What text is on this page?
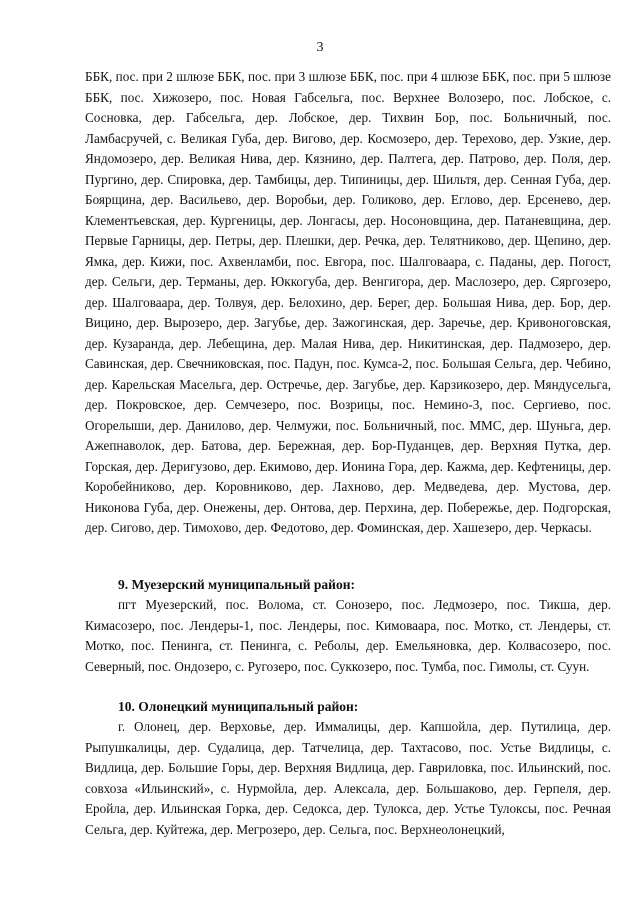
3

ББК, пос. при 2 шлюзе ББК, пос. при 3 шлюзе ББК, пос. при 4 шлюзе ББК, пос. при 5 шлюзе ББК, пос. Хижозеро, пос. Новая Габсельга, пос. Верхнее Волозеро, пос. Лобское, с. Сосновка, дер. Габсельга, дер. Лобское, дер. Тихвин Бор, пос. Больничный, пос. Ламбасручей, с. Великая Губа, дер. Вигово, дер. Космозеро, дер. Терехово, дер. Узкие, дер. Яндомозеро, дер. Великая Нива, дер. Кязнино, дер. Палтега, дер. Патрово, дер. Поля, дер. Пургино, дер. Спировка, дер. Тамбицы, дер. Типиницы, дер. Шильтя, дер. Сенная Губа, дер. Боярщина, дер. Васильево, дер. Воробьи, дер. Голиково, дер. Еглово, дер. Ерсенево, дер. Клементьевская, дер. Кургеницы, дер. Лонгасы, дер. Носоновщина, дер. Патаневщина, дер. Первые Гарницы, дер. Петры, дер. Плешки, дер. Речка, дер. Телятниково, дер. Щепино, дер. Ямка, дер. Кижи, пос. Ахвенламби, пос. Евгора, пос. Шалговаара, с. Паданы, дер. Погост, дер. Сельги, дер. Терманы, дер. Юккогуба, дер. Венгигора, дер. Маслозеро, дер. Сяргозеро, дер. Шалговаара, дер. Толвуя, дер. Белохино, дер. Берег, дер. Большая Нива, дер. Бор, дер. Вицино, дер. Вырозеро, дер. Загубье, дер. Зажогинская, дер. Заречье, дер. Кривоноговская, дер. Кузаранда, дер. Лебещина, дер. Малая Нива, дер. Никитинская, дер. Падмозеро, дер. Савинская, дер. Свечниковская, пос. Падун, пос. Кумса-2, пос. Большая Сельга, дер. Чебино, дер. Карельская Масельга, дер. Остречье, дер. Загубье, дер. Карзикозеро, дер. Мяндусельга, дер. Покровское, дер. Семчезеро, пос. Возрицы, пос. Немино-3, пос. Сергиево, пос. Огорелыши, дер. Данилово, дер. Челмужи, пос. Больничный, пос. ММС, дер. Шуньга, дер. Ажепнаволок, дер. Батова, дер. Бережная, дер. Бор-Пуданцев, дер. Верхняя Путка, дер. Горская, дер. Деригузово, дер. Екимово, дер. Ионина Гора, дер. Кажма, дер. Кефтеницы, дер. Коробейниково, дер. Коровниково, дер. Лахново, дер. Медведева, дер. Мустова, дер. Никонова Губа, дер. Онежены, дер. Онтова, дер. Перхина, дер. Побережье, дер. Подгорская, дер. Сигово, дер. Тимохово, дер. Федотово, дер. Фоминская, дер. Хашезеро, дер. Черкасы.

9. Муезерский муниципальный район:

пгт Муезерский, пос. Волома, ст. Сонозеро, пос. Ледмозеро, пос. Тикша, дер. Кимасозеро, пос. Лендеры-1, пос. Лендеры, пос. Кимоваара, пос. Мотко, ст. Лендеры, ст. Мотко, пос. Пенинга, ст. Пенинга, с. Реболы, дер. Емельяновка, дер. Колвасозеро, пос. Северный, пос. Ондозеро, с. Ругозеро, пос. Суккозеро, пос. Тумба, пос. Гимолы, ст. Суун.

10. Олонецкий муниципальный район:

г. Олонец, дер. Верховье, дер. Иммалицы, дер. Капшойла, дер. Путилица, дер. Рыпушкалицы, дер. Судалица, дер. Татчелица, дер. Тахтасово, пос. Устье Видлицы, с. Видлица, дер. Большие Горы, дер. Верхняя Видлица, дер. Гавриловка, пос. Ильинский, пос. совхоза «Ильинский», с. Нурмойла, дер. Алексала, дер. Большаково, дер. Герпеля, дер. Еройла, дер. Ильинская Горка, дер. Седокса, дер. Тулокса, дер. Устье Тулоксы, пос. Речная Сельга, дер. Куйтежа, дер. Мегрозеро, дер. Сельга, пос. Верхнеолонецкий,
